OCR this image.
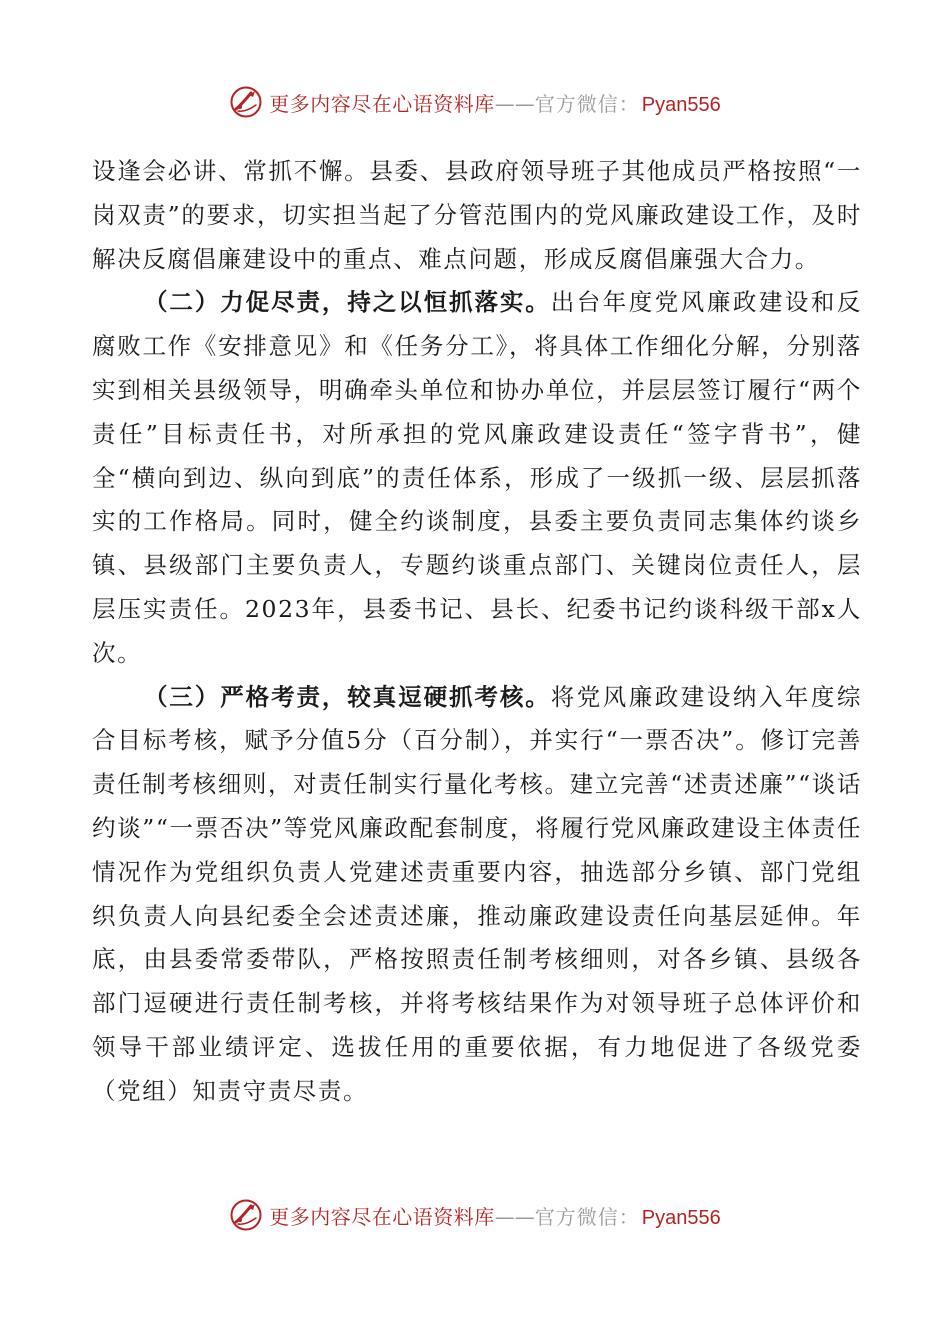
更多内容尽在心语资料库 —— 官方微信： Pyan556

设逢会必讲、常抓不懈。县委、县政府领导班子其他成员严格按照“一岗双责”的要求，切实担当起了分管范围内的党风廉政建设工作，及时解决反腐倡廉建设中的重点、难点问题，形成反腐倡廉强大合力。

（二）力促尽责，持之以恒抓落实。出台年度党风廉政建设和反腐败工作《安排意见》和《任务分工》，将具体工作细化分解，分别落实到相关县级领导，明确牵头单位和协办单位，并层层签订履行“两个责任”目标责任书，对所承担的党风廉政建设责任“签字背书”，健全“横向到边、纵向到底”的责任体系，形成了一级抓一级、层层抓落实的工作格局。同时，健全约谈制度，县委主要负责同志集体约谈乡镇、县级部门主要负责人，专题约谈重点部门、关键岗位责任人，层层压实责任。2023年，县委书记、县长、纪委书记约谈科级干部x人次。

（三）严格考责，较真逗硬抓考核。将党风廉政建设纳入年度综合目标考核，赋予分值5分（百分制），并实行“一票否决”。修订完善责任制考核细则，对责任制实行量化考核。建立完善“述责述廉”“谈话约谈”“一票否决”等党风廉政配套制度，将履行党风廉政建设主体责任情况作为党组织负责人党建述责重要内容，抽选部分乡镇、部门党组织负责人向县纪委全会述责述廉，推动廉政建设责任向基层延伸。年底，由县委常委带队，严格按照责任制考核细则，对各乡镇、县级各部门逗硬进行责任制考核，并将考核结果作为对领导班子总体评价和领导干部业绩评定、选拔任用的重要依据，有力地促进了各级党委（党组）知责守责尽责。

更多内容尽在心语资料库 —— 官方微信： Pyan556
